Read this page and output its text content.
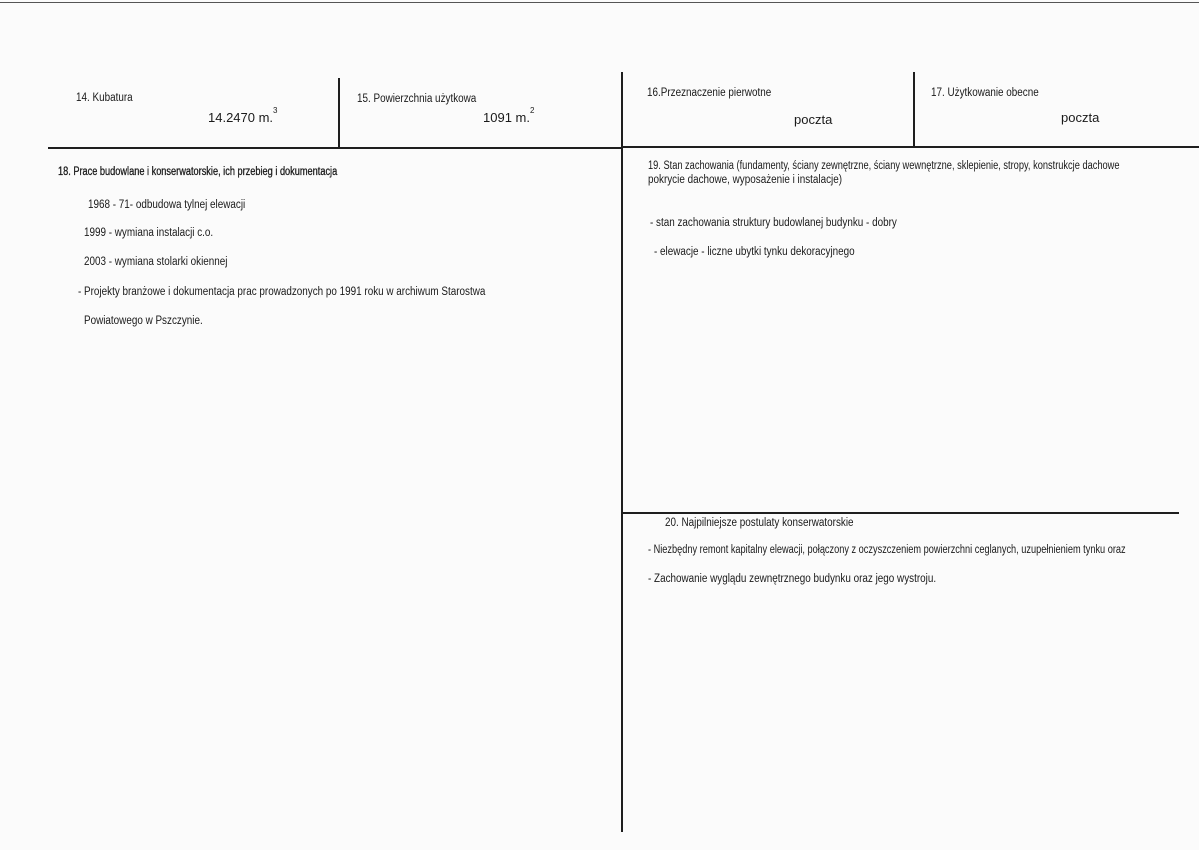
14. Kubatura
14.2470 m.$^3$
15. Powierzchnia użytkowa
1091 m.$^2$
16.Przeznaczenie pierwotne
poczta
17. Użytkowanie obecne
poczta
18. Prace budowlane i konserwatorskie, ich przebieg i dokumentacja
1968 - 71- odbudowa tylnej elewacji
1999 - wymiana instalacji c.o.
2003 - wymiana stolarki okiennej
- Projekty branżowe i dokumentacja prac prowadzonych po 1991 roku w archiwum Starostwa
Powiatowego w Pszczynie.
19. Stan zachowania (fundamenty, ściany zewnętrzne, ściany wewnętrzne, sklepienie, stropy, konstrukcje dachowe
pokrycie dachowe, wyposażenie i instalacje)
- stan zachowania struktury budowlanej budynku - dobry
- elewacje - liczne ubytki tynku dekoracyjnego
20. Najpilniejsze postulaty konserwatorskie
- Niezbędny remont kapitalny elewacji, połączony z oczyszczeniem powierzchni ceglanych, uzupełnieniem tynku oraz
- Zachowanie wyglądu zewnętrznego budynku oraz jego wystroju.
